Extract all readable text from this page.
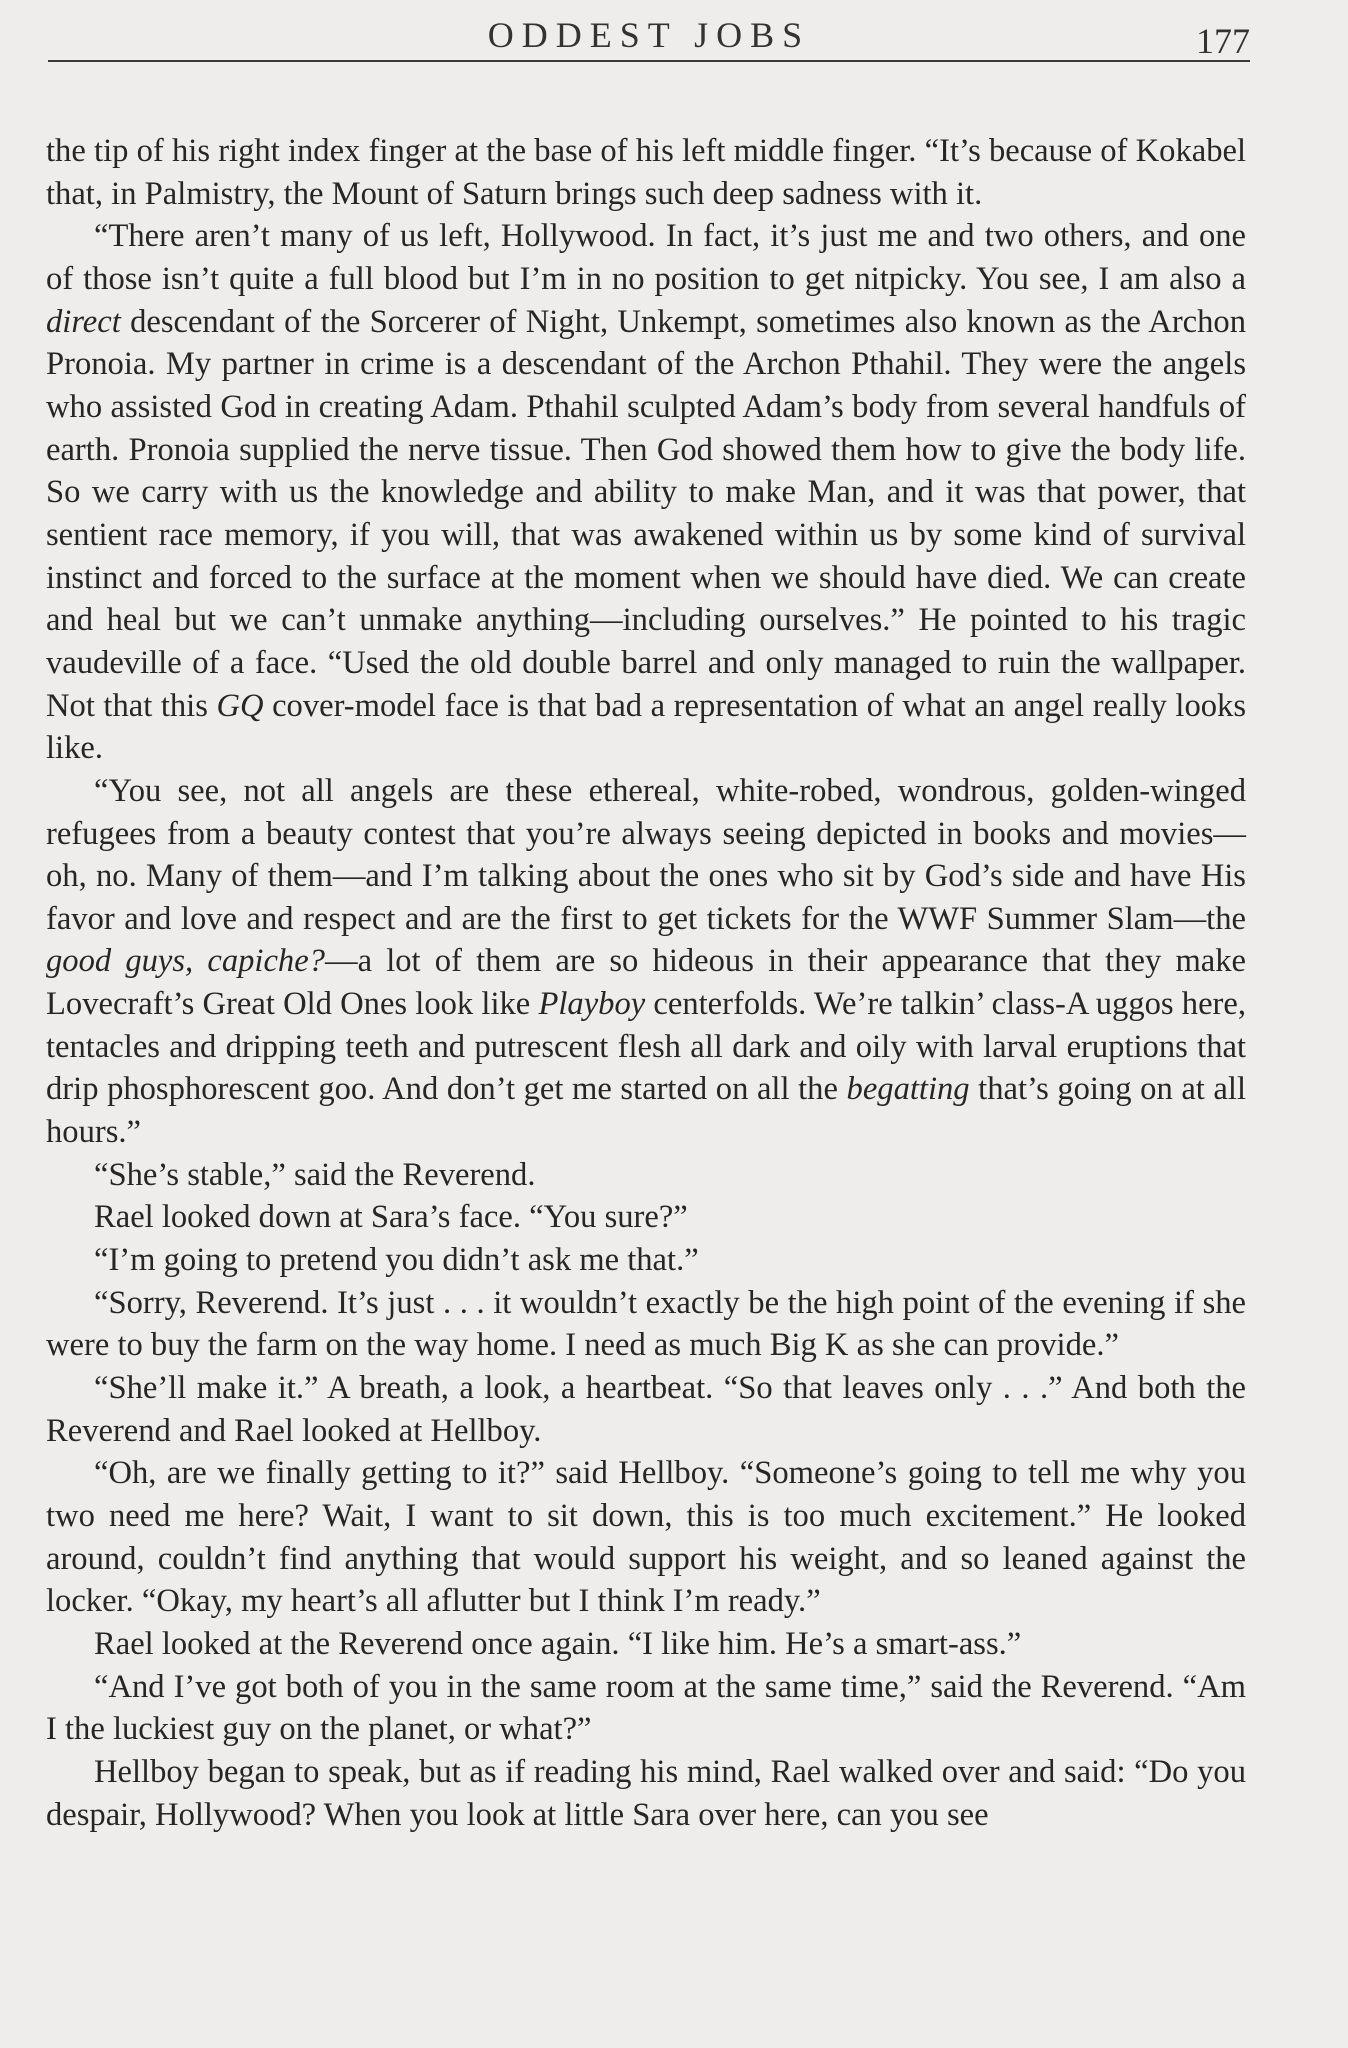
ODDEST JOBS	177

the tip of his right index finger at the base of his left middle finger. “It’s because of Kokabel that, in Palmistry, the Mount of Saturn brings such deep sadness with it.

“There aren’t many of us left, Hollywood. In fact, it’s just me and two others, and one of those isn’t quite a full blood but I’m in no position to get nitpicky. You see, I am also a direct descendant of the Sorcerer of Night, Unkempt, sometimes also known as the Archon Pronoia. My partner in crime is a descendant of the Archon Pthahil. They were the angels who assisted God in creating Adam. Pthahil sculpted Adam’s body from several handfuls of earth. Pronoia supplied the nerve tissue. Then God showed them how to give the body life. So we carry with us the knowledge and ability to make Man, and it was that power, that sentient race memory, if you will, that was awakened within us by some kind of survival instinct and forced to the surface at the moment when we should have died. We can create and heal but we can’t unmake anything—including ourselves.” He pointed to his tragic vaudeville of a face. “Used the old double barrel and only managed to ruin the wallpaper. Not that this GQ cover-model face is that bad a representation of what an angel really looks like.

“You see, not all angels are these ethereal, white-robed, wondrous, golden-winged refugees from a beauty contest that you’re always seeing depicted in books and movies—oh, no. Many of them—and I’m talking about the ones who sit by God’s side and have His favor and love and respect and are the first to get tickets for the WWF Summer Slam—the good guys, capiche?—a lot of them are so hideous in their appearance that they make Lovecraft’s Great Old Ones look like Playboy centerfolds. We’re talkin’ class-A uggos here, tentacles and dripping teeth and putrescent flesh all dark and oily with larval eruptions that drip phosphorescent goo. And don’t get me started on all the begatting that’s going on at all hours.”

“She’s stable,” said the Reverend.

Rael looked down at Sara’s face. “You sure?”

“I’m going to pretend you didn’t ask me that.”

“Sorry, Reverend. It’s just . . . it wouldn’t exactly be the high point of the evening if she were to buy the farm on the way home. I need as much Big K as she can provide.”

“She’ll make it.” A breath, a look, a heartbeat. “So that leaves only . . .” And both the Reverend and Rael looked at Hellboy.

“Oh, are we finally getting to it?” said Hellboy. “Someone’s going to tell me why you two need me here? Wait, I want to sit down, this is too much excitement.” He looked around, couldn’t find anything that would support his weight, and so leaned against the locker. “Okay, my heart’s all aflutter but I think I’m ready.”

Rael looked at the Reverend once again. “I like him. He’s a smart-ass.”

“And I’ve got both of you in the same room at the same time,” said the Reverend. “Am I the luckiest guy on the planet, or what?”

Hellboy began to speak, but as if reading his mind, Rael walked over and said: “Do you despair, Hollywood? When you look at little Sara over here, can you see
